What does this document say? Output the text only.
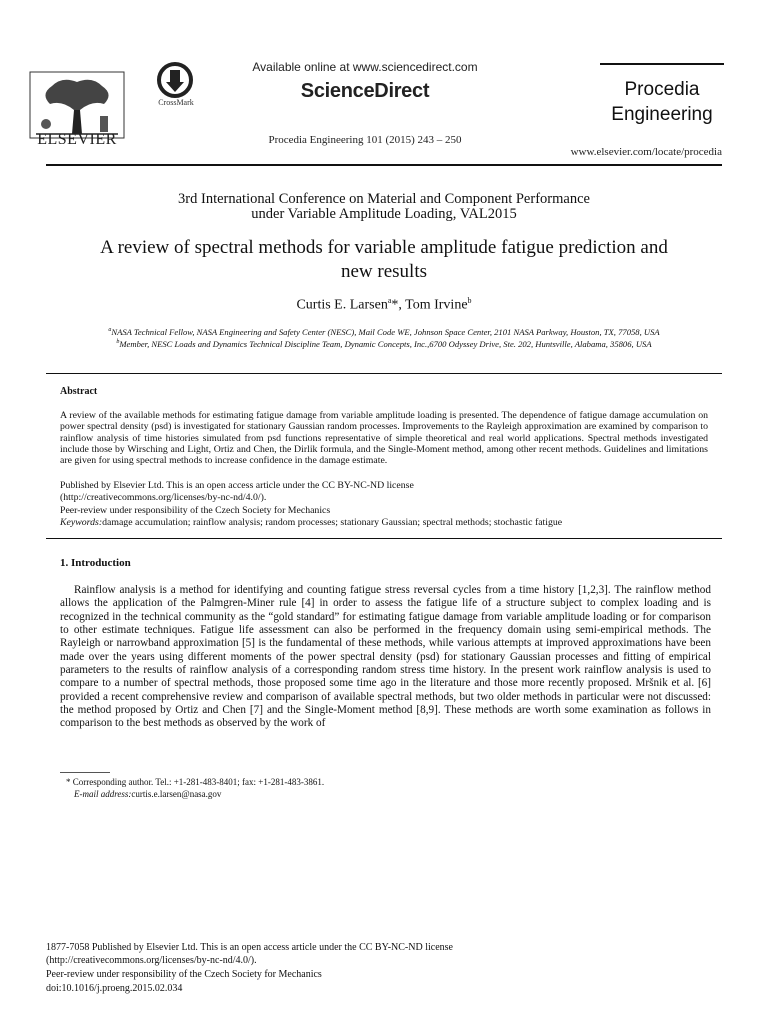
ELSEVIER
CrossMark
Available online at www.sciencedirect.com
ScienceDirect
Procedia Engineering 101 (2015) 243 – 250
Procedia
Engineering
www.elsevier.com/locate/procedia
3rd International Conference on Material and Component Performance
under Variable Amplitude Loading, VAL2015
A review of spectral methods for variable amplitude fatigue prediction and
new results
Curtis E. Larsen$^a$*, Tom Irvine$^b$
$^a$NASA Technical Fellow, NASA Engineering and Safety Center (NESC), Mail Code WE, Johnson Space Center, 2101 NASA Parkway, Houston, TX, 77058, USA
$^b$Member, NESC Loads and Dynamics Technical Discipline Team, Dynamic Concepts, Inc.,6700 Odyssey Drive, Ste. 202, Huntsville, Alabama, 35806, USA
Abstract
A review of the available methods for estimating fatigue damage from variable amplitude loading is presented. The dependence of fatigue damage accumulation on power spectral density (psd) is investigated for stationary Gaussian random processes. Improvements to the Rayleigh approximation are examined by comparison to rainflow analysis of time histories simulated from psd functions representative of simple theoretical and real world applications. Spectral methods investigated include those by Wirsching and Light, Ortiz and Chen, the Dirlik formula, and the Single-Moment method, among other recent methods. Guidelines and limitations are given for using spectral methods to increase confidence in the damage estimate.
Published by Elsevier Ltd. This is an open access article under the CC BY-NC-ND license
(http://creativecommons.org/licenses/by-nc-nd/4.0/).
Peer-review under responsibility of the Czech Society for Mechanics
Keywords:damage accumulation; rainflow analysis; random processes; stationary Gaussian; spectral methods; stochastic fatigue
1. Introduction
Rainflow analysis is a method for identifying and counting fatigue stress reversal cycles from a time history [1,2,3]. The rainflow method allows the application of the Palmgren-Miner rule [4] in order to assess the fatigue life of a structure subject to complex loading and is recognized in the technical community as the “gold standard” for estimating fatigue damage from variable amplitude loading or for comparison to other estimate techniques. Fatigue life assessment can also be performed in the frequency domain using semi-empirical methods. The Rayleigh or narrowband approximation [5] is the fundamental of these methods, while various attempts at improved approximations have been made over the years using different moments of the power spectral density (psd) for stationary Gaussian processes and fitting of empirical parameters to the results of rainflow analysis of a corresponding random stress time history. In the present work rainflow analysis is used to compare to a number of spectral methods, those proposed some time ago in the literature and those more recently proposed. Mršnik et al. [6] provided a recent comprehensive review and comparison of available spectral methods, but two older methods in particular were not discussed: the method proposed by Ortiz and Chen [7] and the Single-Moment method [8,9]. These methods are worth some examination as follows in comparison to the best methods as observed by the work of
* Corresponding author. Tel.: +1-281-483-8401; fax: +1-281-483-3861.
E-mail address:curtis.e.larsen@nasa.gov
1877-7058 Published by Elsevier Ltd. This is an open access article under the CC BY-NC-ND license
(http://creativecommons.org/licenses/by-nc-nd/4.0/).
Peer-review under responsibility of the Czech Society for Mechanics
doi:10.1016/j.proeng.2015.02.034
